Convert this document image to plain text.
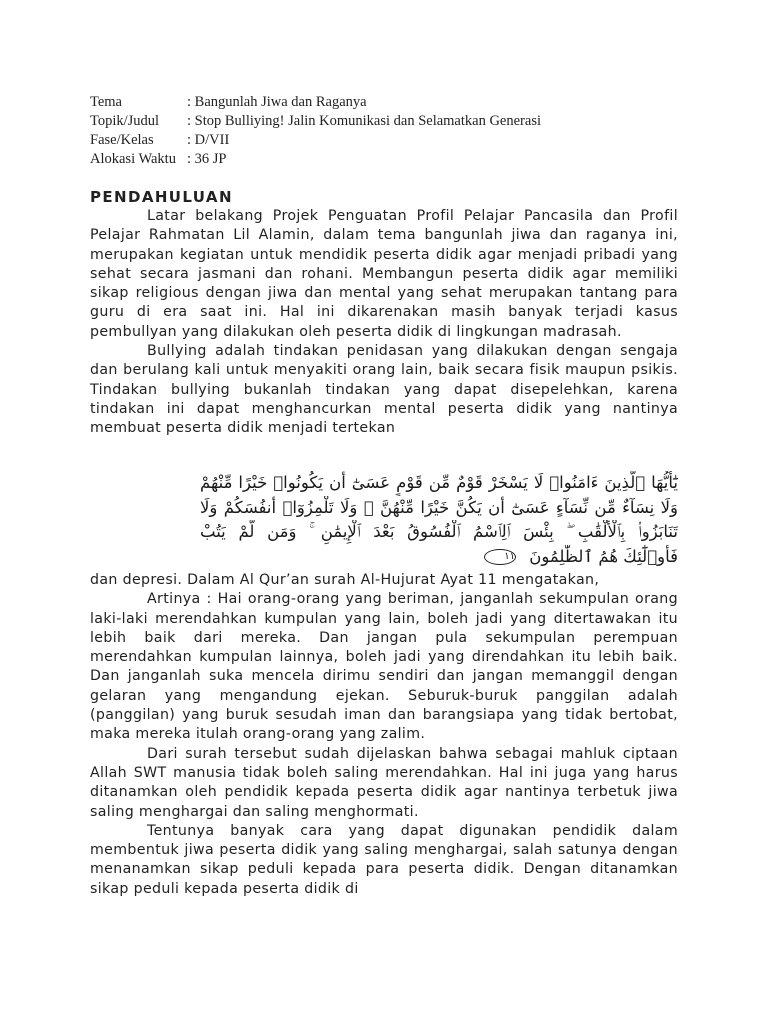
Tema	: Bangunlah Jiwa dan Raganya
Topik/Judul	: Stop Bulliying! Jalin Komunikasi dan Selamatkan Generasi
Fase/Kelas	: D/VII
Alokasi Waktu : 36 JP
PENDAHULUAN

Latar belakang Projek Penguatan Profil Pelajar Pancasila dan Profil Pelajar Rahmatan Lil Alamin, dalam tema bangunlah jiwa dan raganya ini, merupakan kegiatan untuk mendidik peserta didik agar menjadi pribadi yang sehat secara jasmani dan rohani. Membangun peserta didik agar memiliki sikap religious dengan jiwa dan mental yang sehat merupakan tantang para guru di era saat ini. Hal ini dikarenakan masih banyak terjadi kasus pembullyan yang dilakukan oleh peserta didik di lingkungan madrasah.

Bullying adalah tindakan penidasan yang dilakukan dengan sengaja dan berulang kali untuk menyakiti orang lain, baik secara fisik maupun psikis. Tindakan bullying bukanlah tindakan yang dapat disepelehkan, karena tindakan ini dapat menghancurkan mental peserta didik yang nantinya membuat peserta didik menjadi tertekan

يَٰٓأَيُّهَا ٱلَّذِينَ ءَامَنُوا۟ لَا يَسْخَرْ قَوْمٌ مِّن قَوْمٍ عَسَىٰٓ أَن يَكُونُوا۟ خَيْرًا مِّنْهُمْ
وَلَا نِسَآءٌ مِّن نِّسَآءٍ عَسَىٰٓ أَن يَكُنَّ خَيْرًا مِّنْهُنَّ ۖ وَلَا تَلْمِزُوٓا۟ أَنفُسَكُمْ وَلَا
تَنَابَزُوا۟ بِٱلْأَلْقَٰبِ ۖ بِئْسَ ٱلِٱسْمُ ٱلْفُسُوقُ بَعْدَ ٱلْإِيمَٰنِ ۚ وَمَن لَّمْ يَتُبْ
فَأُو۟لَٰٓئِكَ هُمُ ٱلظَّٰلِمُونَ ١١

dan depresi. Dalam Al Qur’an surah Al-Hujurat Ayat 11 mengatakan,

Artinya : Hai orang-orang yang beriman, janganlah sekumpulan orang laki-laki merendahkan kumpulan yang lain, boleh jadi yang ditertawakan itu lebih baik dari mereka. Dan jangan pula sekumpulan perempuan merendahkan kumpulan lainnya, boleh jadi yang direndahkan itu lebih baik. Dan janganlah suka mencela dirimu sendiri dan jangan memanggil dengan gelaran yang mengandung ejekan. Seburuk-buruk panggilan adalah (panggilan) yang buruk sesudah iman dan barangsiapa yang tidak bertobat, maka mereka itulah orang-orang yang zalim.

Dari surah tersebut sudah dijelaskan bahwa sebagai mahluk ciptaan Allah SWT manusia tidak boleh saling merendahkan. Hal ini juga yang harus ditanamkan oleh pendidik kepada peserta didik agar nantinya terbetuk jiwa saling menghargai dan saling menghormati.

Tentunya banyak cara yang dapat digunakan pendidik dalam membentuk jiwa peserta didik yang saling menghargai, salah satunya dengan menanamkan sikap peduli kepada para peserta didik. Dengan ditanamkan sikap peduli kepada peserta didik di
